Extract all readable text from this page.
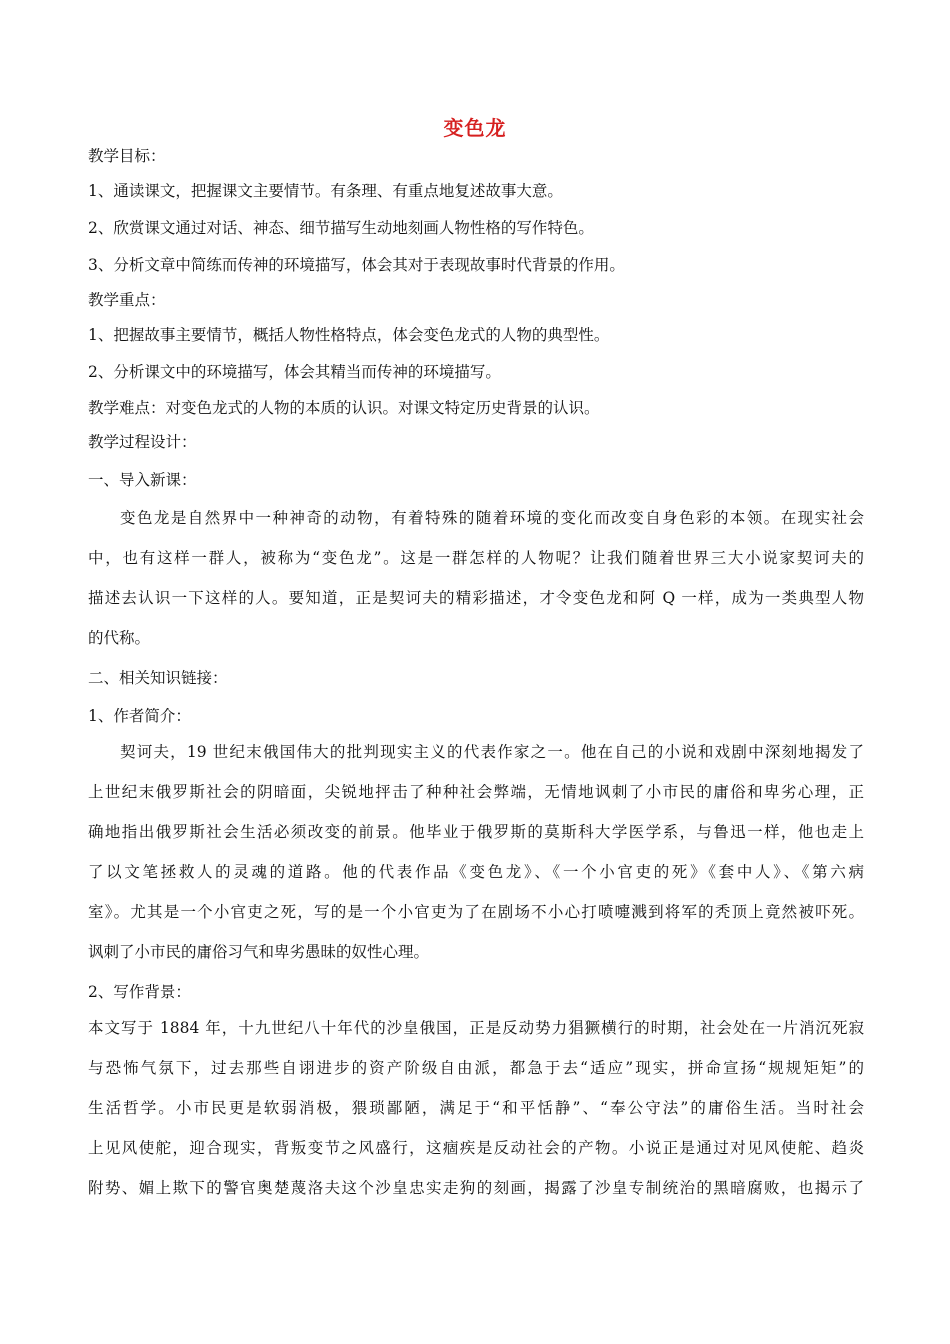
变色龙
教学目标：
1、通读课文，把握课文主要情节。有条理、有重点地复述故事大意。
2、欣赏课文通过对话、神态、细节描写生动地刻画人物性格的写作特色。
3、分析文章中简练而传神的环境描写，体会其对于表现故事时代背景的作用。
教学重点：
1、把握故事主要情节，概括人物性格特点，体会变色龙式的人物的典型性。
2、分析课文中的环境描写，体会其精当而传神的环境描写。
教学难点：对变色龙式的人物的本质的认识。对课文特定历史背景的认识。
教学过程设计：
一、导入新课：
变色龙是自然界中一种神奇的动物，有着特殊的随着环境的变化而改变自身色彩的本领。在现实社会
中，也有这样一群人，被称为“变色龙”。这是一群怎样的人物呢？让我们随着世界三大小说家契诃夫的
描述去认识一下这样的人。要知道，正是契诃夫的精彩描述，才令变色龙和阿 Q 一样，成为一类典型人物
的代称。
二、相关知识链接：
1、作者简介：
契诃夫，19 世纪末俄国伟大的批判现实主义的代表作家之一。他在自己的小说和戏剧中深刻地揭发了
上世纪末俄罗斯社会的阴暗面，尖锐地抨击了种种社会弊端，无情地讽刺了小市民的庸俗和卑劣心理，正
确地指出俄罗斯社会生活必须改变的前景。他毕业于俄罗斯的莫斯科大学医学系，与鲁迅一样，他也走上
了以文笔拯救人的灵魂的道路。他的代表作品《变色龙》、《一个小官吏的死》《套中人》、《第六病
室》。尤其是一个小官吏之死，写的是一个小官吏为了在剧场不小心打喷嚏溅到将军的秃顶上竟然被吓死。
讽刺了小市民的庸俗习气和卑劣愚昧的奴性心理。
2、写作背景：
本文写于 1884 年，十九世纪八十年代的沙皇俄国，正是反动势力猖獗横行的时期，社会处在一片消沉死寂
与恐怖气氛下，过去那些自诩进步的资产阶级自由派，都急于去“适应”现实，拼命宣扬“规规矩矩”的
生活哲学。小市民更是软弱消极，猥琐鄙陋，满足于“和平恬静”、“奉公守法”的庸俗生活。当时社会
上见风使舵，迎合现实，背叛变节之风盛行，这痼疾是反动社会的产物。小说正是通过对见风使舵、趋炎
附势、媚上欺下的警官奥楚蔑洛夫这个沙皇忠实走狗的刻画，揭露了沙皇专制统治的黑暗腐败，也揭示了
